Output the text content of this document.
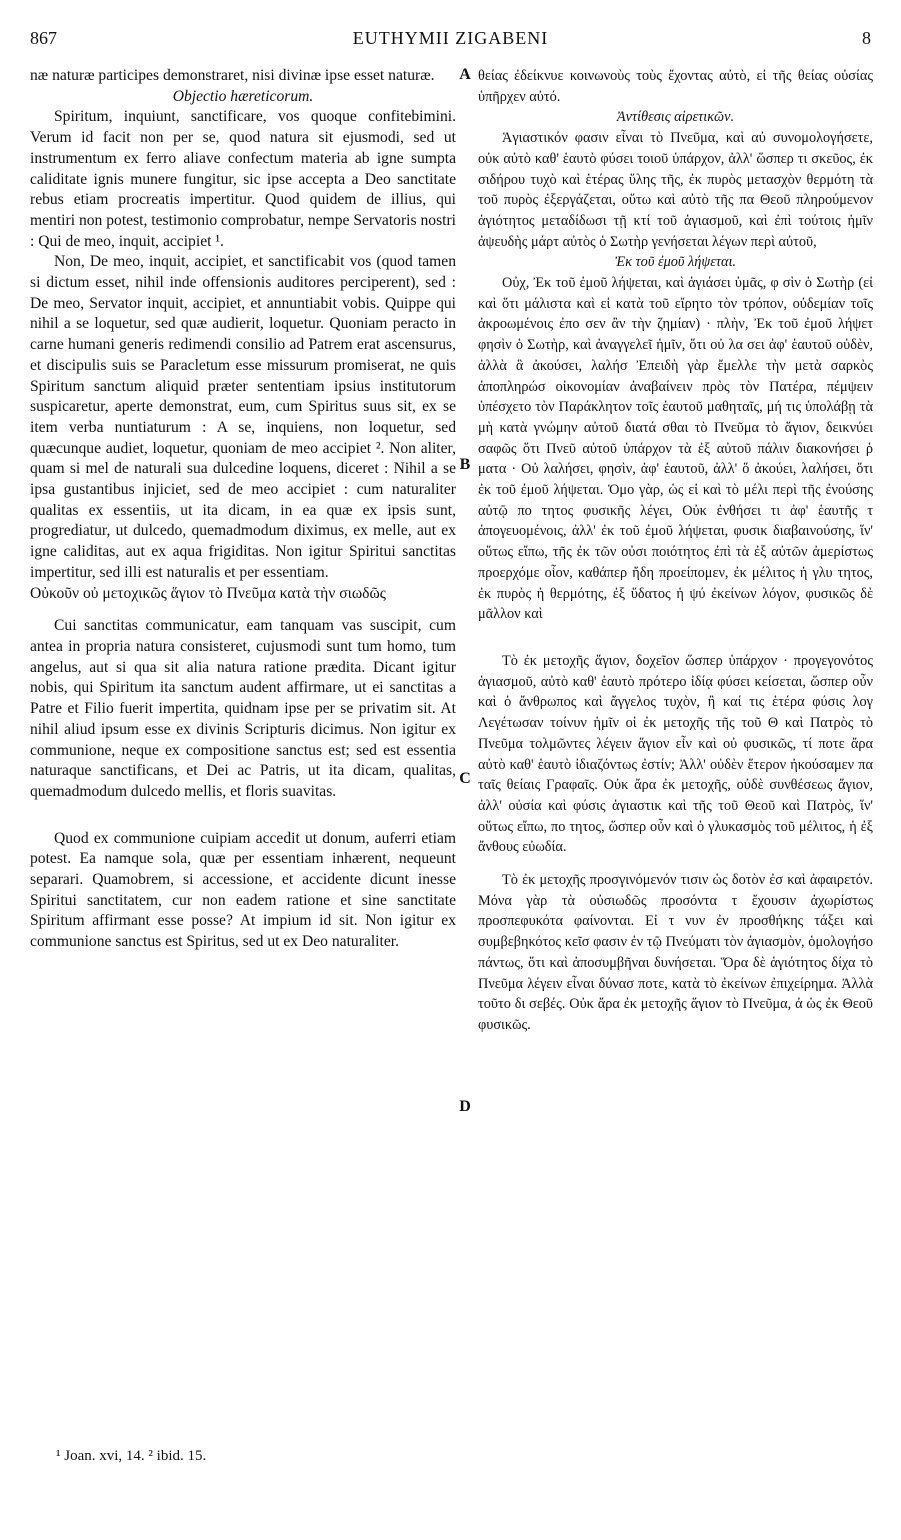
867	EUTHYMII ZIGABENI	8

næ naturæ participes demonstraret, nisi divinæ ipse esset naturæ.

Objectio hæreticorum.

Spiritum, inquiunt, sanctificare, vos quoque confitebimini. Verum id facit non per se, quod natura sit ejusmodi, sed ut instrumentum ex ferro aliave confectum materia ab igne sumpta caliditate ignis munere fungitur, sic ipse accepta a Deo sanctitate rebus etiam procreatis impertitur. Quod quidem de illius, qui mentiri non potest, testimonio comprobatur, nempe Servatoris nostri : Qui de meo, inquit, accipiet ¹.

Non, De meo, inquit, accipiet, et sanctificabit vos (quod tamen si dictum esset, nihil inde offensionis auditores perciperent), sed : De meo, Servator inquit, accipiet, et annuntiabit vobis. Quippe qui nihil a se loquetur, sed quæ audierit, loquetur. Quoniam peracto in carne humani generis redimendi consilio ad Patrem erat ascensurus, et discipulis suis se Paracletum esse missurum promiserat, ne quis Spiritum sanctum aliquid præter sententiam ipsius institutorum suspicaretur, aperte demonstrat, eum, cum Spiritus suus sit, ex se item verba nuntiaturum : A se, inquiens, non loquetur, sed quæcunque audiet, loquetur, quoniam de meo accipiet ². Non aliter, quam si mel de naturali sua dulcedine loquens, diceret : Nihil a se ipsa gustantibus injiciet, sed de meo accipiet : cum naturaliter qualitas ex essentiis, ut ita dicam, in ea quæ ex ipsis sunt, progrediatur, ut dulcedo, quemadmodum diximus, ex melle, aut ex igne caliditas, aut ex aqua frigiditas. Non igitur Spiritui sanctitas impertitur, sed illi est naturalis et per essentiam.

Οὐκοῦν οὐ μετοχικῶς ἅγιον τὸ Πνεῦμα κατὰ τὴν σιωδῶς

Cui sanctitas communicatur, eam tanquam vas suscipit, cum antea in propria natura consisteret, cujusmodi sunt tum homo, tum angelus, aut si qua sit alia natura ratione prædita. Dicant igitur nobis, qui Spiritum ita sanctum audent affirmare, ut ei sanctitas a Patre et Filio fuerit impertita, quidnam ipse per se privatim sit. At nihil aliud ipsum esse ex divinis Scripturis dicimus. Non igitur ex communione, neque ex compositione sanctus est; sed est essentia naturaque sanctificans, et Dei ac Patris, ut ita dicam, qualitas, quemadmodum dulcedo mellis, et floris suavitas.

Quod ex communione cuipiam accedit ut donum, auferri etiam potest. Ea namque sola, quæ per essentiam inhærent, nequeunt separari. Quamobrem, si accessione, et accidente dicunt inesse Spiritui sanctitatem, cur non eadem ratione et sine sanctitate Spiritum affirmant esse posse? At impium id sit. Non igitur ex communione sanctus est Spiritus, sed ut ex Deo naturaliter.

θείας ἐδείκνυε κοινωνοὺς τοὺς ἔχοντας αὐτὸ, εἰ τῆς θείας οὐσίας ὑπῆρχεν αὐτό.

Ἀντίθεσις αἱρετικῶν.

Ἁγιαστικόν φασιν εἶναι τὸ Πνεῦμα, καὶ αὐ συνομολογήσετε, οὐκ αὐτὸ καθ' ἑαυτὸ φύσει τοιοῦ ὑπάρχον, ἀλλ' ὥσπερ τι σκεῦος, ἐκ σιδήρου τυχὸ καὶ ἑτέρας ὕλης τῆς, ἐκ πυρὸς μετασχὸν θερμότη τὰ τοῦ πυρὸς ἐξεργάζεται, οὕτω καὶ αὐτὸ τῆς πα Θεοῦ πληρούμενον ἁγιότητος μεταδίδωσι τῇ κτί τοῦ ἁγιασμοῦ, καὶ ἐπὶ τούτοις ἡμῖν ἀψευδὴς μάρτ αὐτὸς ὁ Σωτὴρ γενήσεται λέγων περὶ αὐτοῦ,

Ἐκ τοῦ ἐμοῦ λήψεται.

Οὐχ, Ἐκ τοῦ ἐμοῦ λήψεται, καὶ ἁγιάσει ὑμᾶς, φ σὶν ὁ Σωτὴρ (εἰ καὶ ὅτι μάλιστα καὶ εἰ κατὰ τοῦ εἴρητο τὸν τρόπον, οὐδεμίαν τοῖς ἀκροωμένοις ἐπο σεν ἂν τὴν ζημίαν) · πλὴν, Ἐκ τοῦ ἐμοῦ λήψετ φησὶν ὁ Σωτὴρ, καὶ ἀναγγελεῖ ἡμῖν, ὅτι οὐ λα σει ἀφ' ἑαυτοῦ οὐδὲν, ἀλλὰ ἃ ἀκούσει, λαλήσ Ἐπειδὴ γὰρ ἔμελλε τὴν μετὰ σαρκὸς ἀποπληρώσ οἰκονομίαν ἀναβαίνειν πρὸς τὸν Πατέρα, πέμψειν ὑπέσχετο τὸν Παράκλητον τοῖς ἑαυτοῦ μαθηταῖς, μή τις ὑπολάβῃ τὰ μὴ κατὰ γνώμην αὐτοῦ διατά σθαι τὸ Πνεῦμα τὸ ἅγιον, δεικνύει σαφῶς ὅτι Πνεῦ αὐτοῦ ὑπάρχον τὰ ἐξ αὐτοῦ πάλιν διακονήσει ῥ ματα · Οὐ λαλήσει, φησὶν, ἀφ' ἑαυτοῦ, ἀλλ' ὅ ἀκούει, λαλήσει, ὅτι ἐκ τοῦ ἐμοῦ λήψεται. Ὁμο γὰρ, ὡς εἰ καὶ τὸ μέλι περὶ τῆς ἐνούσης αὐτῷ πο τητος φυσικῆς λέγει, Οὐκ ἐνθήσει τι ἀφ' ἑαυτῆς τ ἀπογευομένοις, ἀλλ' ἐκ τοῦ ἐμοῦ λήψεται, φυσικ διαβαινούσης, ἵν' οὕτως εἴπω, τῆς ἐκ τῶν οὐσι ποιότητος ἐπὶ τὰ ἐξ αὐτῶν ἀμερίστως προερχόμε οἷον, καθάπερ ἤδη προείπομεν, ἐκ μέλιτος ἡ γλυ τητος, ἐκ πυρὸς ἡ θερμότης, ἐξ ὕδατος ἡ ψύ ἐκείνων λόγον, φυσικῶς δὲ μᾶλλον καὶ

Τὸ ἐκ μετοχῆς ἅγιον, δοχεῖον ὥσπερ ὑπάρχον · προγεγονότος ἁγιασμοῦ, αὐτὸ καθ' ἑαυτὸ πρότερο ἰδίᾳ φύσει κείσεται, ὥσπερ οὖν καὶ ὁ ἄνθρωπος καὶ ἄγγελος τυχὸν, ἢ καί τις ἑτέρα φύσις λογ Λεγέτωσαν τοίνυν ἡμῖν οἱ ἐκ μετοχῆς τῆς τοῦ Θ καὶ Πατρὸς τὸ Πνεῦμα τολμῶντες λέγειν ἅγιον εἶν καὶ οὐ φυσικῶς, τί ποτε ἄρα αὐτὸ καθ' ἑαυτὸ ἰδιαζόντως ἐστίν; Ἀλλ' οὐδὲν ἕτερον ἠκούσαμεν πα ταῖς θείαις Γραφαῖς. Οὐκ ἄρα ἐκ μετοχῆς, οὐδὲ συνθέσεως ἅγιον, ἀλλ' οὐσία καὶ φύσις ἁγιαστικ καὶ τῆς τοῦ Θεοῦ καὶ Πατρὸς, ἵν' οὕτως εἴπω, πο τητος, ὥσπερ οὖν καὶ ὁ γλυκασμὸς τοῦ μέλιτος, ἡ ἐξ ἄνθους εὐωδία.

Τὸ ἐκ μετοχῆς προσγινόμενόν τισιν ὡς δοτὸν ἐσ καὶ ἀφαιρετόν. Μόνα γὰρ τὰ οὐσιωδῶς προσόντα τ ἔχουσιν ἀχωρίστως προσπεφυκότα φαίνονται. Εἰ τ νυν ἐν προσθήκης τάξει καὶ συμβεβηκότος κεῖσ φασιν ἐν τῷ Πνεύματι τὸν ἁγιασμὸν, ὁμολογήσο πάντως, ὅτι καὶ ἀποσυμβῆναι δυνήσεται. Ὅρα δὲ ἁγιότητος δίχα τὸ Πνεῦμα λέγειν εἶναι δύνασ ποτε, κατὰ τὸ ἐκείνων ἐπιχείρημα. Ἀλλὰ τοῦτο δι σεβές. Οὐκ ἄρα ἐκ μετοχῆς ἅγιον τὸ Πνεῦμα, ἀ ὡς ἐκ Θεοῦ φυσικῶς.

A
B
C
D
¹ Joan. xvi, 14. ² ibid. 15.
